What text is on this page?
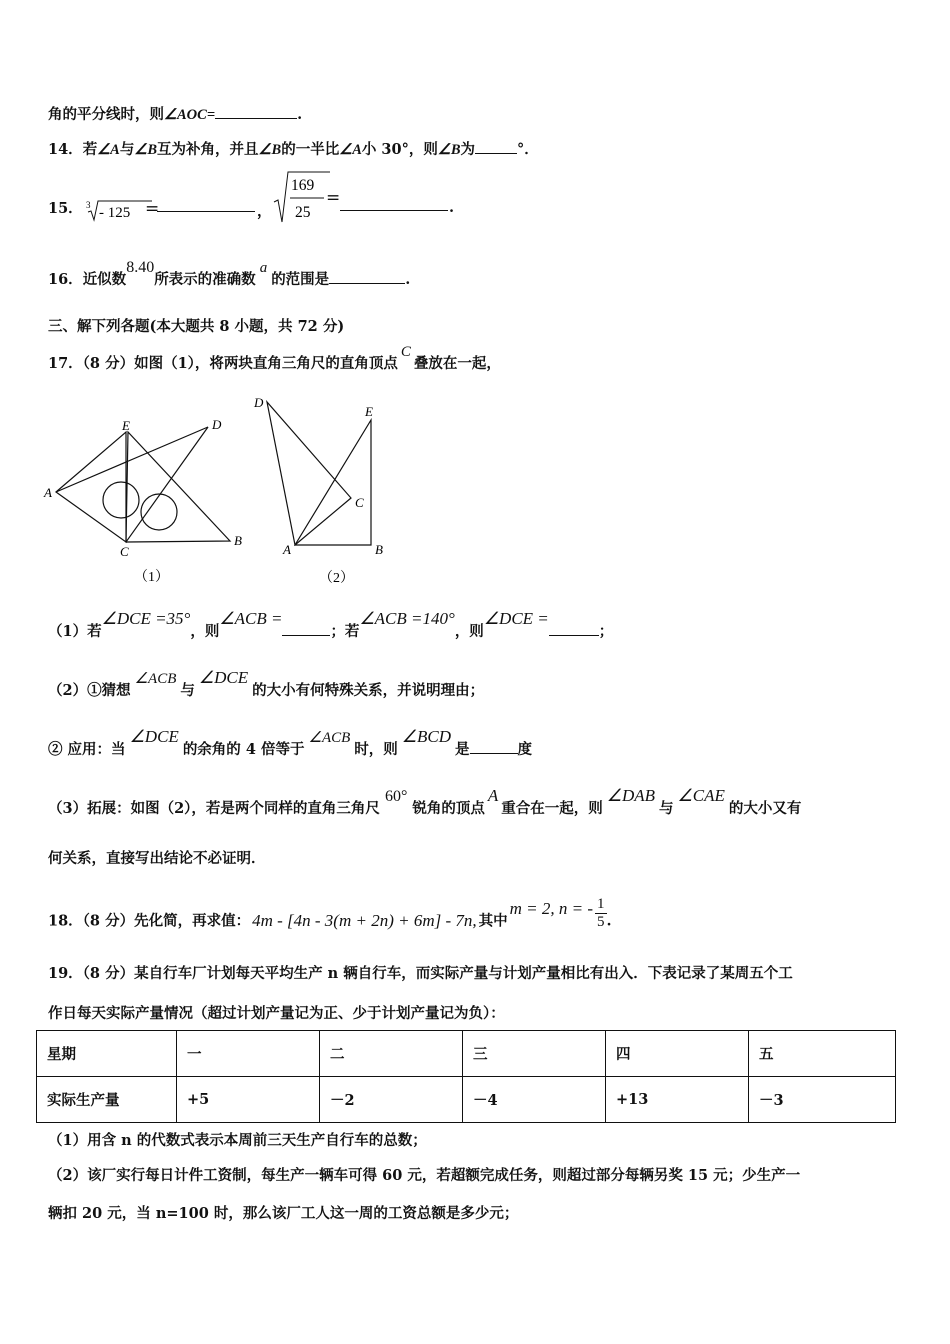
角的平分线时，则∠AOC=	.
14．若∠A与∠B互为补角，并且∠B的一半比∠A小 30°，则∠B为	°．
15． 3 - 125 =	，
169
25
=	.
16．近似数8.40所表示的准确数a的范围是	.
三、解下列各题(本大题共 8 小题，共 72 分)
17．（8 分）如图（1），将两块直角三角尺的直角顶点C叠放在一起，
A
B
C
D
E
（1）
D
E
C
A	B
（2）
（1）若∠DCE =35°，则∠ACB =；若∠ACB =140°，则∠DCE =；
（2）①猜想∠ACB与∠DCE的大小有何特殊关系，并说明理由；
② 应用：当∠DCE的余角的 4 倍等于∠ACB时，则∠BCD是	度
（3）拓展：如图（2），若是两个同样的直角三角尺60°锐角的顶点A重合在一起，则∠DAB与∠CAE的大小又有
何关系，直接写出结论不必证明．
18．（8 分）先化简，再求值： 4m - [4n - 3(m + 2n) + 6m] - 7n, 其中m = 2, n = - $\frac{1}{5}$ .
19．（8 分）某自行车厂计划每天平均生产 n 辆自行车，而实际产量与计划产量相比有出入．下表记录了某周五个工
作日每天实际产量情况（超过计划产量记为正、少于计划产量记为负）：
星期	一	二	三	四	五
实际生产量	+5	－2	－4	+13	－3
（1）用含 n 的代数式表示本周前三天生产自行车的总数；
（2）该厂实行每日计件工资制，每生产一辆车可得 60 元，若超额完成任务，则超过部分每辆另奖 15 元；少生产一
辆扣 20 元，当 n=100 时，那么该厂工人这一周的工资总额是多少元；
